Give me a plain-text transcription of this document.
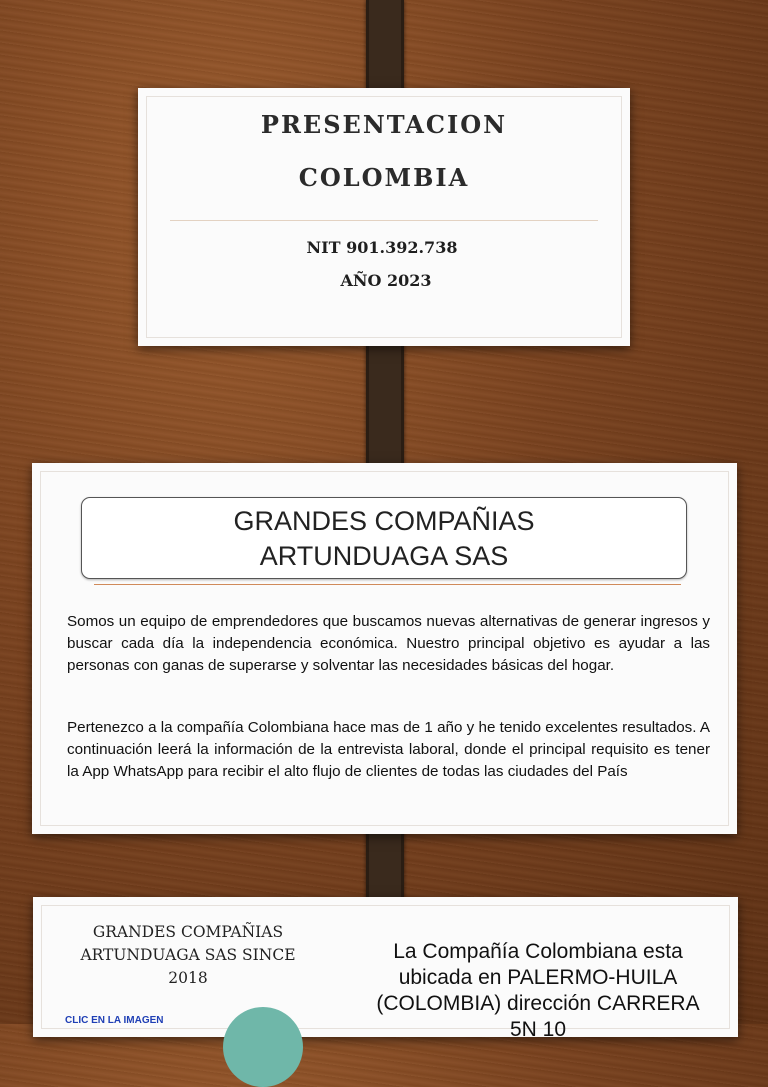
PRESENTACION
COLOMBIA
NIT 901.392.738
AÑO 2023
GRANDES COMPAÑIAS
ARTUNDUAGA SAS

Somos un equipo de emprendedores que buscamos nuevas alternativas de generar ingresos y buscar cada día la independencia económica. Nuestro principal objetivo es ayudar a las personas con ganas de superarse y solventar las necesidades básicas del hogar.

Pertenezco a la compañía Colombiana hace mas de 1 año y he tenido excelentes resultados. A continuación leerá la información de la entrevista laboral, donde el principal requisito es tener la App WhatsApp para recibir el alto flujo de clientes de todas las ciudades del País

GRANDES COMPAÑIAS ARTUNDUAGA SAS SINCE 2018
La Compañía Colombiana esta ubicada en PALERMO-HUILA (COLOMBIA) dirección CARRERA 5N 10
CLIC EN LA IMAGEN
